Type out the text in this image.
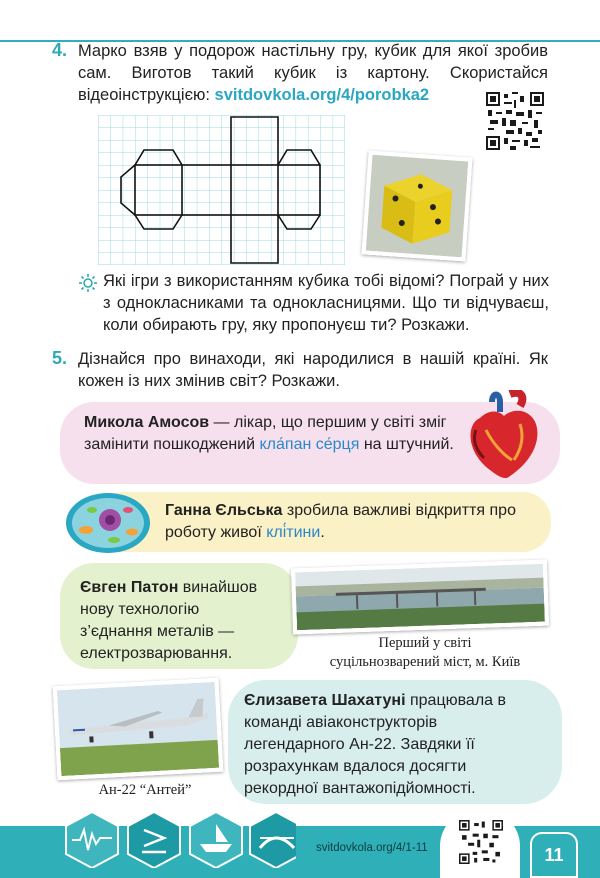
4. Марко взяв у подорож настільну гру, кубик для якої зробив сам. Виготов такий кубик із картону. Скористайся відеоінструкцією: svitdovkola.org/4/porobka2
Які ігри з використанням кубика тобі відомі? Пограй у них з однокласниками та однокласницями. Що ти відчуваєш, коли обирають гру, яку пропонуєш ти? Розкажи.
5. Дізнайся про винаходи, які народилися в нашій країні. Як кожен із них змінив світ? Розкажи.
Микола Амосов — лікар, що першим у світі зміг замінити пошкоджений кла́пан се́рця на штучний.
Ганна Єльська зробила важливі відкриття про роботу живої клі́тини.
Євген Патон винайшов нову технологію з’єднання металів — електрозварювання.
Перший у світі
суцільнозварений міст, м. Київ
Єлизавета Шахатуні працювала в команді авіаконструкторів легендарного Ан-22. Завдяки її розрахункам вдалося досягти рекордної вантажопідйомності.
Ан-22 “Антей”
svitdovkola.org/4/1-11	11
